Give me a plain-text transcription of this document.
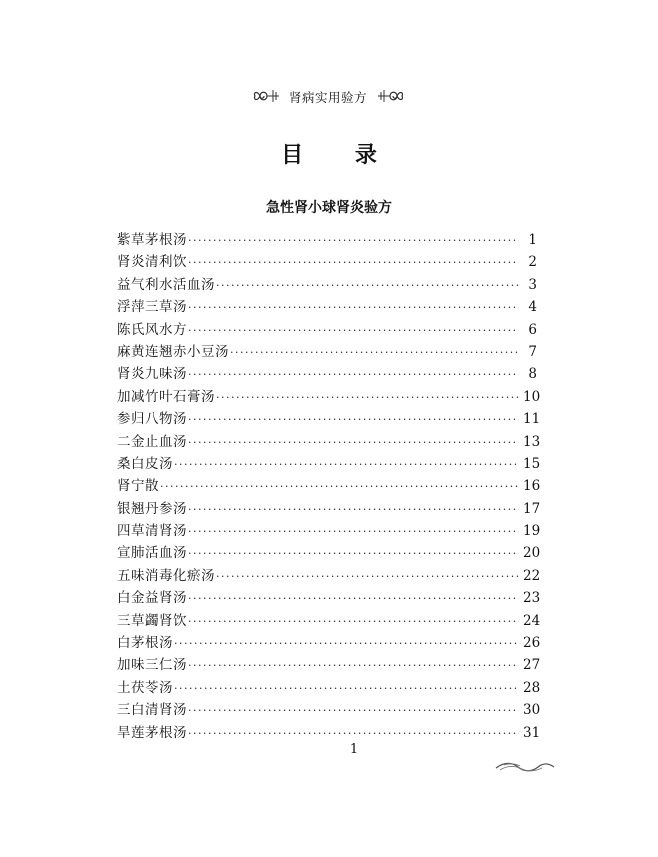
肾病实用验方
目 录
急性肾小球肾炎验方
紫草茅根汤 ·····	1
肾炎清利饮 ·····	2
益气利水活血汤 ·····	3
浮萍三草汤 ·····	4
陈氏风水方 ·····	6
麻黄连翘赤小豆汤 ·····	7
肾炎九味汤 ·····	8
加减竹叶石膏汤 ·····	10
参归八物汤 ·····	11
二金止血汤 ·····	13
桑白皮汤 ·····	15
肾宁散 ·····	16
银翘丹参汤 ·····	17
四草清肾汤 ·····	19
宣肺活血汤 ·····	20
五味消毒化瘀汤 ·····	22
白金益肾汤 ·····	23
三草蠲肾饮 ·····	24
白茅根汤 ·····	26
加味三仁汤 ·····	27
土茯苓汤 ·····	28
三白清肾汤 ·····	30
旱莲茅根汤 ·····	31
1
